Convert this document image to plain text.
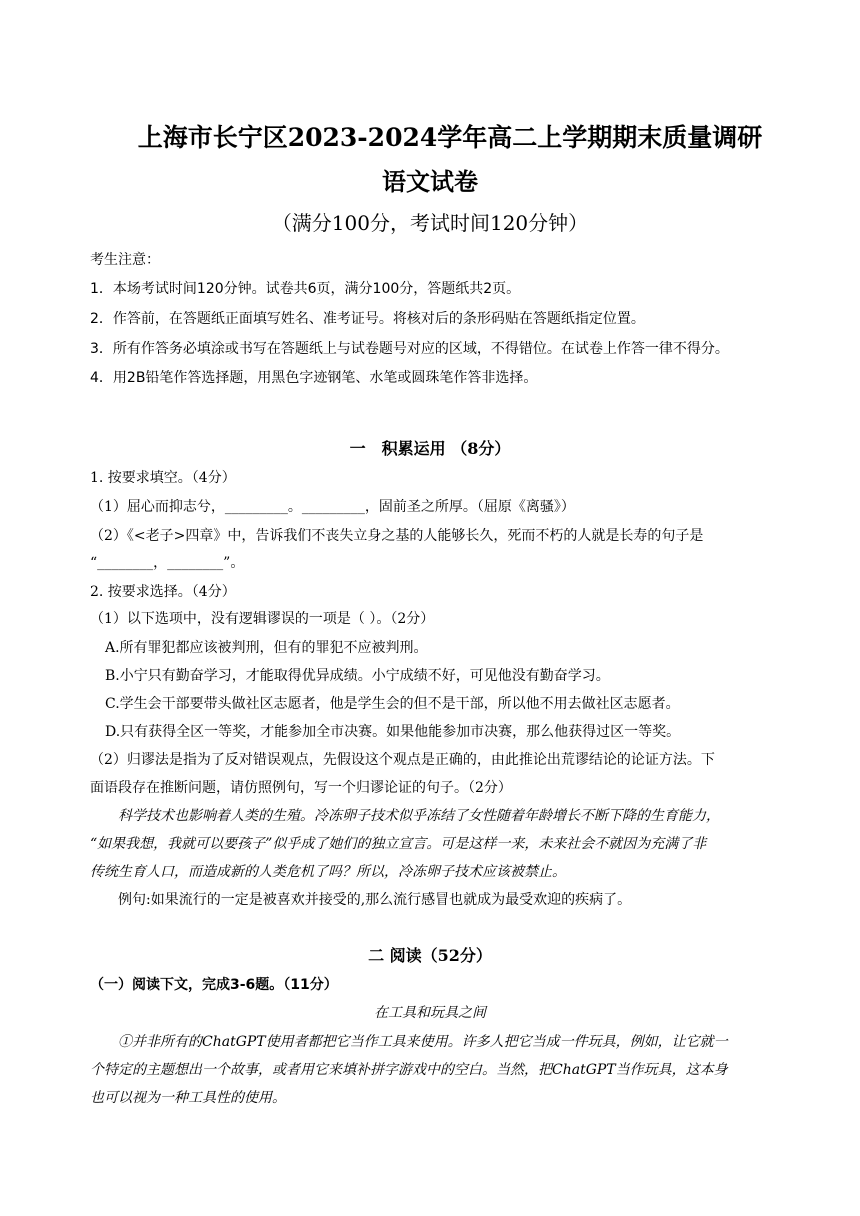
上海市长宁区2023-2024学年高二上学期期末质量调研
语文试卷
（满分100分，考试时间120分钟）
考生注意：
1．本场考试时间120分钟。试卷共6页，满分100分，答题纸共2页。
2．作答前，在答题纸正面填写姓名、准考证号。将核对后的条形码贴在答题纸指定位置。
3．所有作答务必填涂或书写在答题纸上与试卷题号对应的区域，不得错位。在试卷上作答一律不得分。
4．用2B铅笔作答选择题，用黑色字迹钢笔、水笔或圆珠笔作答非选择。
一　积累运用 （8分）
1. 按要求填空。（4分）
（1）屈心而抑志兮，_________。_________，固前圣之所厚。（屈原《离骚》）
（2）《<老子>四章》中，告诉我们不丧失立身之基的人能够长久，死而不朽的人就是长寿的句子是
“________，________”。
2. 按要求选择。（4分）
（1）以下选项中，没有逻辑谬误的一项是（ ）。（2分）
A.所有罪犯都应该被判刑，但有的罪犯不应被判刑。
B.小宁只有勤奋学习，才能取得优异成绩。小宁成绩不好，可见他没有勤奋学习。
C.学生会干部要带头做社区志愿者，他是学生会的但不是干部，所以他不用去做社区志愿者。
D.只有获得全区一等奖，才能参加全市决赛。如果他能参加市决赛，那么他获得过区一等奖。
（2）归谬法是指为了反对错误观点，先假设这个观点是正确的，由此推论出荒谬结论的论证方法。下
面语段存在推断问题，请仿照例句，写一个归谬论证的句子。（2分）
科学技术也影响着人类的生殖。冷冻卵子技术似乎冻结了女性随着年龄增长不断下降的生育能力，
“如果我想，我就可以要孩子”似乎成了她们的独立宣言。可是这样一来，未来社会不就因为充满了非
传统生育人口，而造成新的人类危机了吗？所以，冷冻卵子技术应该被禁止。
例句:如果流行的一定是被喜欢并接受的,那么流行感冒也就成为最受欢迎的疾病了。
二 阅读（52分）
（一）阅读下文，完成3-6题。（11分）
在工具和玩具之间
①并非所有的ChatGPT使用者都把它当作工具来使用。许多人把它当成一件玩具，例如，让它就一
个特定的主题想出一个故事，或者用它来填补拼字游戏中的空白。当然，把ChatGPT当作玩具，这本身
也可以视为一种工具性的使用。
